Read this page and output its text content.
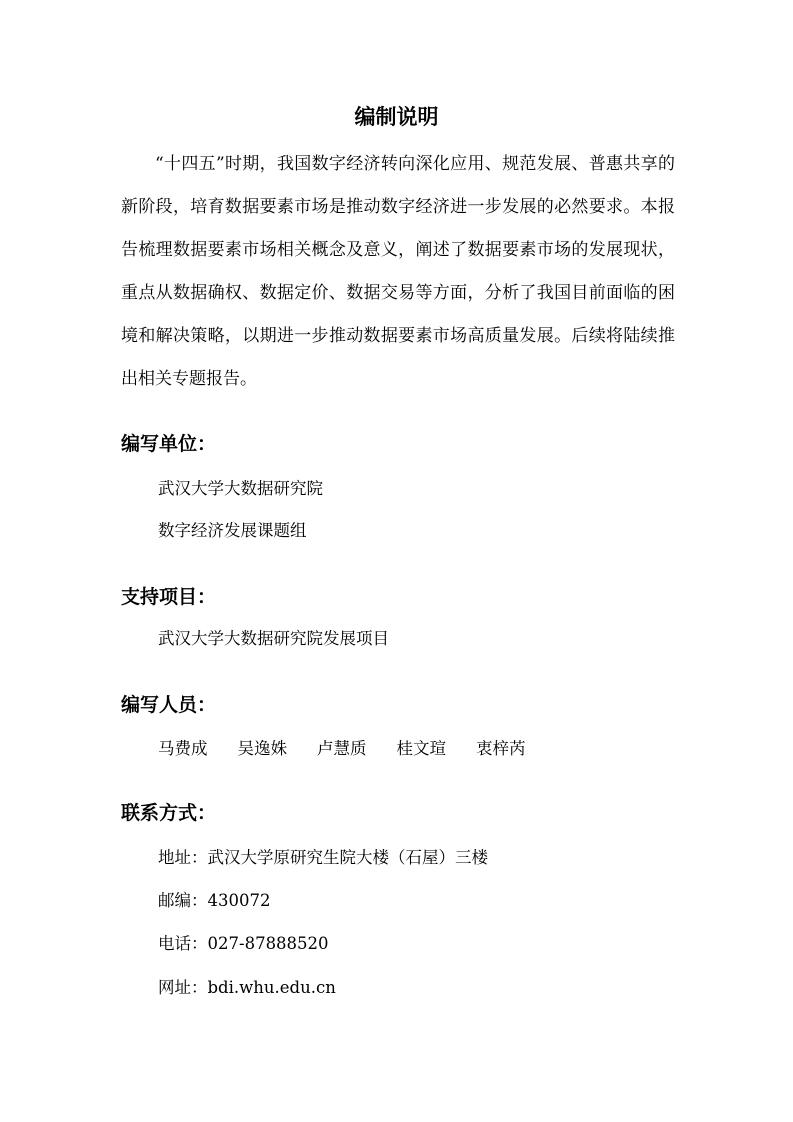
编制说明

“十四五”时期，我国数字经济转向深化应用、规范发展、普惠共享的新阶段，培育数据要素市场是推动数字经济进一步发展的必然要求。本报告梳理数据要素市场相关概念及意义，阐述了数据要素市场的发展现状，重点从数据确权、数据定价、数据交易等方面，分析了我国目前面临的困境和解决策略，以期进一步推动数据要素市场高质量发展。后续将陆续推出相关专题报告。

编写单位：

武汉大学大数据研究院

数字经济发展课题组

支持项目：

武汉大学大数据研究院发展项目

编写人员：
马费成 吴逸姝 卢慧质 桂文瑄 衷梓芮
联系方式：

地址：武汉大学原研究生院大楼（石屋）三楼

邮编：430072

电话：027-87888520

网址：bdi.whu.edu.cn
